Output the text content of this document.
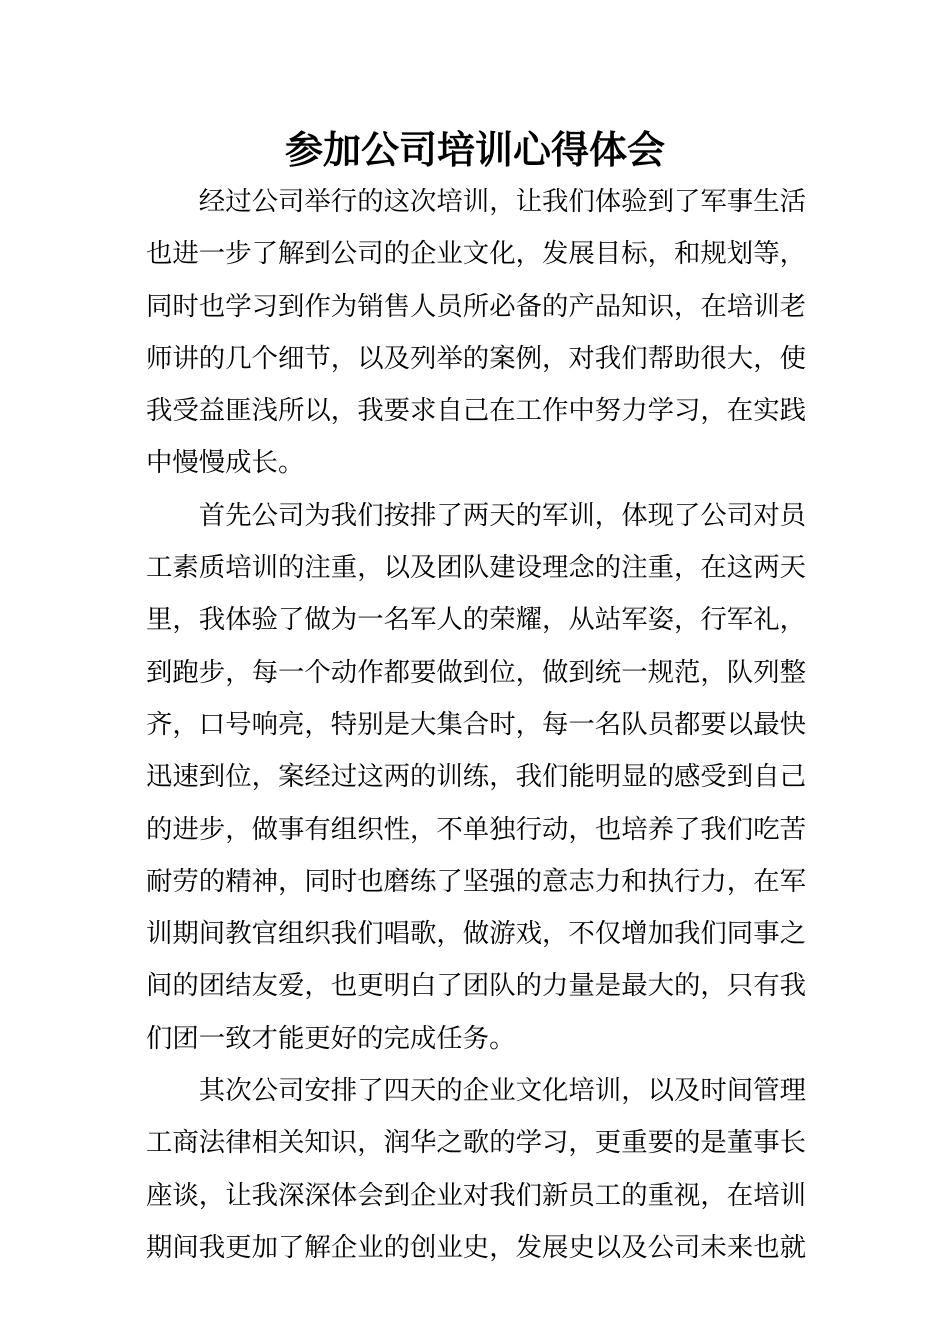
参加公司培训心得体会
经过公司举行的这次培训，让我们体验到了军事生活
也进一步了解到公司的企业文化，发展目标，和规划等，
同时也学习到作为销售人员所必备的产品知识，在培训老
师讲的几个细节，以及列举的案例，对我们帮助很大，使
我受益匪浅所以，我要求自己在工作中努力学习，在实践
中慢慢成长。
首先公司为我们按排了两天的军训，体现了公司对员
工素质培训的注重，以及团队建设理念的注重，在这两天
里，我体验了做为一名军人的荣耀，从站军姿，行军礼，
到跑步，每一个动作都要做到位，做到统一规范，队列整
齐，口号响亮，特别是大集合时，每一名队员都要以最快
迅速到位，案经过这两的训练，我们能明显的感受到自己
的进步，做事有组织性，不单独行动，也培养了我们吃苦
耐劳的精神，同时也磨练了坚强的意志力和执行力，在军
训期间教官组织我们唱歌，做游戏，不仅增加我们同事之
间的团结友爱，也更明白了团队的力量是最大的，只有我
们团一致才能更好的完成任务。
其次公司安排了四天的企业文化培训，以及时间管理
工商法律相关知识，润华之歌的学习，更重要的是董事长
座谈，让我深深体会到企业对我们新员工的重视，在培训
期间我更加了解企业的创业史，发展史以及公司未来也就
